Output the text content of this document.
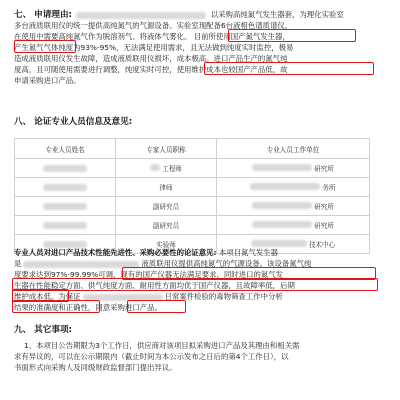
七、 申请理由:	以采购高纯氮气发生器套，为理化实验室
多台液质联用仪的统一提供高纯氮气的气源设备。实验室现配备6台液相色谱质谱仪，
在使用中需要高纯氮气作为脱溶剂气、将液体气雾化。 目前所使用国产氮气发生器，
产生氮气气体纯度为93%-95%，无法满足使用需求，且无法做到纯度实时监控，极易
造成液质联用仪发生故障，造成液质联用仪损坏，成本极高。进口产品生产的氮气纯
度高，且可随使用需要进行调整，纯度实时可控，使用维护成本也较国产产品低，故
申请采购进口产品。
八、 论证专业人员信息及意见:
专业人员姓名	专家人员职称	专业人员工作单位

	工程师	研究所

	律师	务所

	副研究员	研究所

	副研究员	研究所

	实验师	技术中心
专业人员对进口产品技术性能先进性、采购必要性的论证意见: 本项目氮气发生器
是	液质联用仪提供高纯氮气的气源设备。该设备氮气纯
度要求达到97%-99.99%可调，现有的国产仪器无法满足要求，同时进口的氮气发
生器在性能稳定方面、供气纯度方面、耐用性方面均优于国产仪器，且故障率低，后期
维护成本低。为保证	日常案件检验的毒物筛查工作中分析
结果的准确度和正确性，同意采购进口产品。
九、 其它事项:
1、本项目公告期限为3个工作日，供应商对该项目拟采购进口产品及其理由和相关需
求有异议的，可以在公示期限内（截止时间为本公示发布之日后的第4个工作日），以
书面形式向采购人及同级财政监督部门提出异议。
